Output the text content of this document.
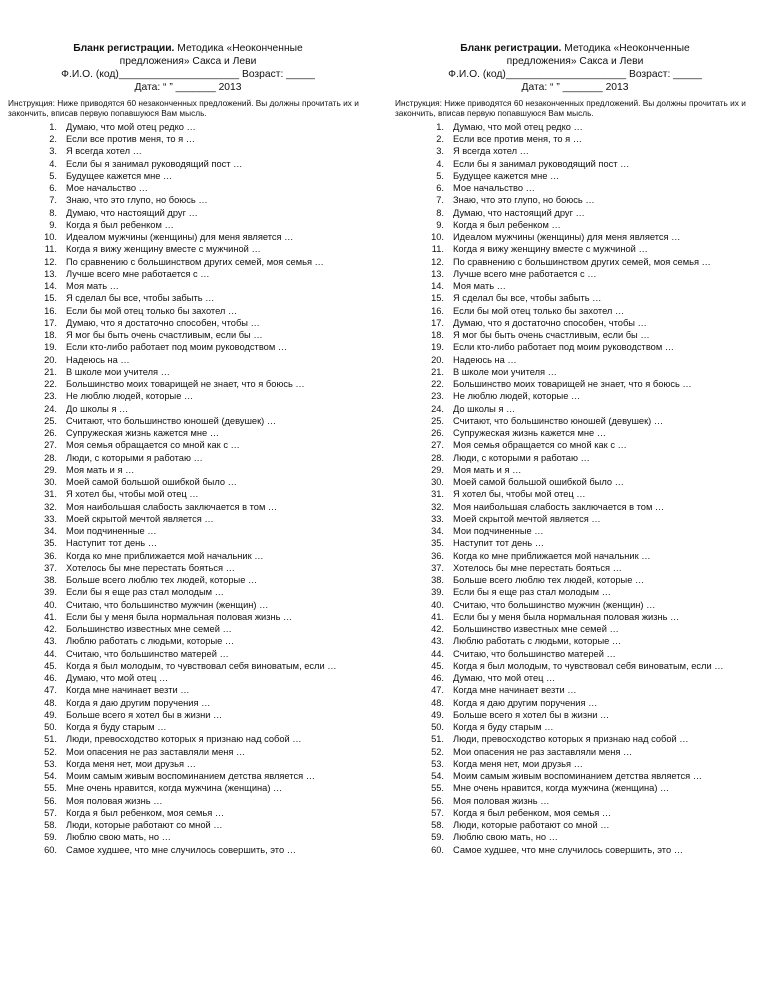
Бланк регистрации. Методика «Неоконченные
предложения» Сакса и Леви
Ф.И.О. (код)_____________________ Возраст: _____
Дата: “ ” _______ 2013
Инструкция: Ниже приводятся 60 незаконченных предложений. Вы должны прочитать их и закончить, вписав первую попавшуюся Вам мысль.
1. Думаю, что мой отец редко …
2. Если все против меня, то я …
3. Я всегда хотел …
4. Если бы я занимал руководящий пост …
5. Будущее кажется мне …
6. Мое начальство …
7. Знаю, что это глупо, но боюсь …
8. Думаю, что настоящий друг …
9. Когда я был ребенком …
10. Идеалом мужчины (женщины) для меня является …
11. Когда я вижу женщину вместе с мужчиной …
12. По сравнению с большинством других семей, моя семья …
13. Лучше всего мне работается с …
14. Моя мать …
15. Я сделал бы все, чтобы забыть …
16. Если бы мой отец только бы захотел …
17. Думаю, что я достаточно способен, чтобы …
18. Я мог бы быть очень счастливым, если бы …
19. Если кто-либо работает под моим руководством …
20. Надеюсь на …
21. В школе мои учителя …
22. Большинство моих товарищей не знает, что я боюсь …
23. Не люблю людей, которые …
24. До школы я …
25. Считают, что большинство юношей (девушек) …
26. Супружеская жизнь кажется мне …
27. Моя семья обращается со мной как с …
28. Люди, с которыми я работаю …
29. Моя мать и я …
30. Моей самой большой ошибкой было …
31. Я хотел бы, чтобы мой отец …
32. Моя наибольшая слабость заключается в том …
33. Моей скрытой мечтой является …
34. Мои подчиненные …
35. Наступит тот день …
36. Когда ко мне приближается мой начальник …
37. Хотелось бы мне перестать бояться …
38. Больше всего люблю тех людей, которые …
39. Если бы я еще раз стал молодым …
40. Считаю, что большинство мужчин (женщин) …
41. Если бы у меня была нормальная половая жизнь …
42. Большинство известных мне семей …
43. Люблю работать с людьми, которые …
44. Считаю, что большинство матерей …
45. Когда я был молодым, то чувствовал себя виноватым, если …
46. Думаю, что мой отец …
47. Когда мне начинает везти …
48. Когда я даю другим поручения …
49. Больше всего я хотел бы в жизни …
50. Когда я буду старым …
51. Люди, превосходство которых я признаю над собой …
52. Мои опасения не раз заставляли меня …
53. Когда меня нет, мои друзья …
54. Моим самым живым воспоминанием детства является …
55. Мне очень нравится, когда мужчина (женщина) …
56. Моя половая жизнь …
57. Когда я был ребенком, моя семья …
58. Люди, которые работают со мной …
59. Люблю свою мать, но …
60. Самое худшее, что мне случилось совершить, это …
Бланк регистрации. Методика «Неоконченные
предложения» Сакса и Леви
Ф.И.О. (код)_____________________ Возраст: _____
Дата: “ ” _______ 2013
Инструкция: Ниже приводятся 60 незаконченных предложений. Вы должны прочитать их и закончить, вписав первую попавшуюся Вам мысль.
1. Думаю, что мой отец редко …
2. Если все против меня, то я …
3. Я всегда хотел …
4. Если бы я занимал руководящий пост …
5. Будущее кажется мне …
6. Мое начальство …
7. Знаю, что это глупо, но боюсь …
8. Думаю, что настоящий друг …
9. Когда я был ребенком …
10. Идеалом мужчины (женщины) для меня является …
11. Когда я вижу женщину вместе с мужчиной …
12. По сравнению с большинством других семей, моя семья …
13. Лучше всего мне работается с …
14. Моя мать …
15. Я сделал бы все, чтобы забыть …
16. Если бы мой отец только бы захотел …
17. Думаю, что я достаточно способен, чтобы …
18. Я мог бы быть очень счастливым, если бы …
19. Если кто-либо работает под моим руководством …
20. Надеюсь на …
21. В школе мои учителя …
22. Большинство моих товарищей не знает, что я боюсь …
23. Не люблю людей, которые …
24. До школы я …
25. Считают, что большинство юношей (девушек) …
26. Супружеская жизнь кажется мне …
27. Моя семья обращается со мной как с …
28. Люди, с которыми я работаю …
29. Моя мать и я …
30. Моей самой большой ошибкой было …
31. Я хотел бы, чтобы мой отец …
32. Моя наибольшая слабость заключается в том …
33. Моей скрытой мечтой является …
34. Мои подчиненные …
35. Наступит тот день …
36. Когда ко мне приближается мой начальник …
37. Хотелось бы мне перестать бояться …
38. Больше всего люблю тех людей, которые …
39. Если бы я еще раз стал молодым …
40. Считаю, что большинство мужчин (женщин) …
41. Если бы у меня была нормальная половая жизнь …
42. Большинство известных мне семей …
43. Люблю работать с людьми, которые …
44. Считаю, что большинство матерей …
45. Когда я был молодым, то чувствовал себя виноватым, если …
46. Думаю, что мой отец …
47. Когда мне начинает везти …
48. Когда я даю другим поручения …
49. Больше всего я хотел бы в жизни …
50. Когда я буду старым …
51. Люди, превосходство которых я признаю над собой …
52. Мои опасения не раз заставляли меня …
53. Когда меня нет, мои друзья …
54. Моим самым живым воспоминанием детства является …
55. Мне очень нравится, когда мужчина (женщина) …
56. Моя половая жизнь …
57. Когда я был ребенком, моя семья …
58. Люди, которые работают со мной …
59. Люблю свою мать, но …
60. Самое худшее, что мне случилось совершить, это …
